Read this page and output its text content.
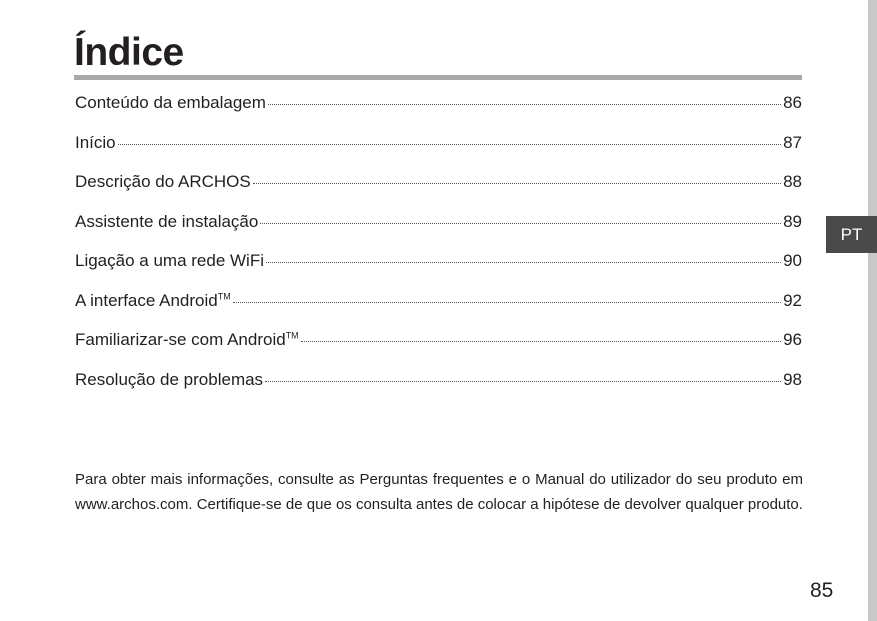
Índice
Conteúdo da embalagem	86
Início	87
Descrição do ARCHOS	88
Assistente de instalação	89
Ligação a uma rede WiFi	90
A interface Android™	92
Familiarizar-se com Android™	96
Resolução de problemas	98
PT

Para obter mais informações, consulte as Perguntas frequentes e o Manual do utilizador do seu produto em www.archos.com. Certifique-se de que os consulta antes de colocar a hipótese de devolver qualquer produto.

85
